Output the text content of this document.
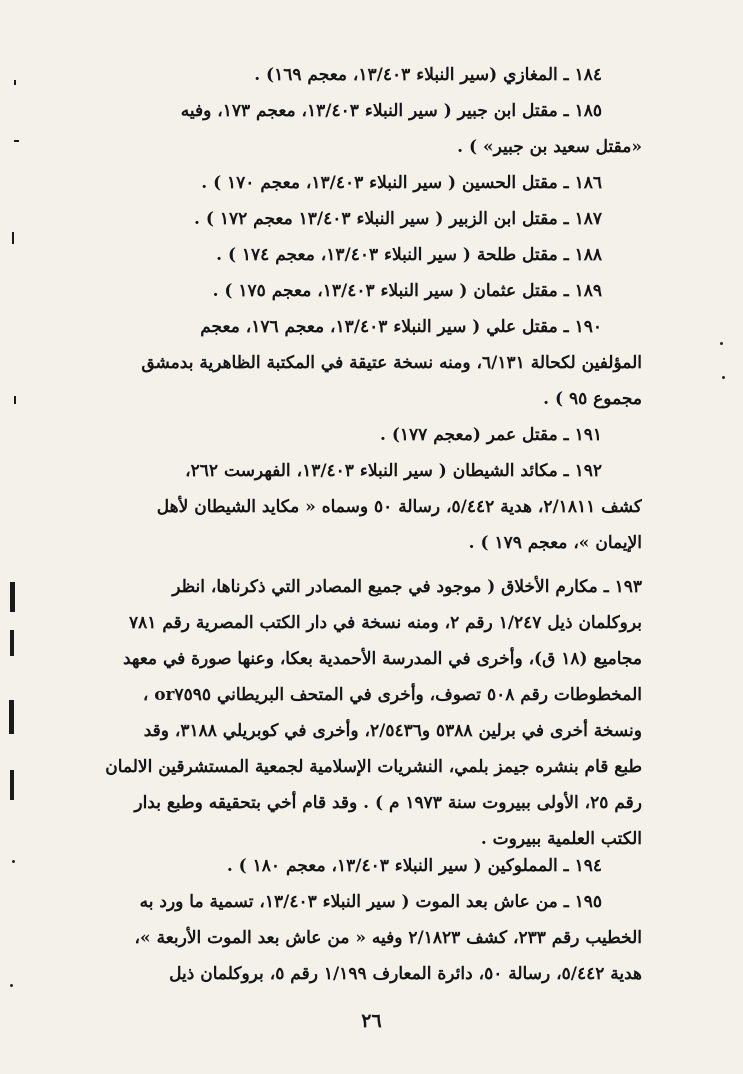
١٨٤ ـ المغازي (سير النبلاء ١٣/٤٠٣، معجم ١٦٩) .
١٨٥ ـ مقتل ابن جبير ( سير النبلاء ١٣/٤٠٣، معجم ١٧٣، وفيه
«مقتل سعيد بن جبير» ) .
١٨٦ ـ مقتل الحسين ( سير النبلاء ١٣/٤٠٣، معجم ١٧٠ ) .
١٨٧ ـ مقتل ابن الزبير ( سير النبلاء ١٣/٤٠٣ معجم ١٧٢ ) .
١٨٨ ـ مقتل طلحة ( سير النبلاء ١٣/٤٠٣، معجم ١٧٤ ) .
١٨٩ ـ مقتل عثمان ( سير النبلاء ١٣/٤٠٣، معجم ١٧٥ ) .
١٩٠ ـ مقتل علي ( سير النبلاء ١٣/٤٠٣، معجم ١٧٦، معجم
المؤلفين لكحالة ٦/١٣١، ومنه نسخة عتيقة في المكتبة الظاهرية بدمشق
مجموع ٩٥ ) .
١٩١ ـ مقتل عمر (معجم ١٧٧) .
١٩٢ ـ مكائد الشيطان ( سير النبلاء ١٣/٤٠٣، الفهرست ٢٦٢،
كشف ٢/١٨١١، هدية ٥/٤٤٢، رسالة ٥٠ وسماه « مكايد الشيطان لأهل
الإيمان »، معجم ١٧٩ ) .
١٩٣ ـ مكارم الأخلاق ( موجود في جميع المصادر التي ذكرناها، انظر
بروكلمان ذيل ١/٢٤٧ رقم ٢، ومنه نسخة في دار الكتب المصرية رقم ٧٨١
مجاميع (١٨ ق)، وأخرى في المدرسة الأحمدية بعكا، وعنها صورة في معهد
المخطوطات رقم ٥٠٨ تصوف، وأخرى في المتحف البريطاني or٧٥٩٥ ،
ونسخة أخرى في برلين ٥٣٨٨ و٢/٥٤٣٦، وأخرى في كوبريلي ٣١٨٨، وقد
طبع قام بنشره جيمز بلمي، النشريات الإسلامية لجمعية المستشرقين الالمان
رقم ٢٥، الأولى ببيروت سنة ١٩٧٣ م ) . وقد قام أخي بتحقيقه وطبع بدار
الكتب العلمية ببيروت .
١٩٤ ـ المملوكين ( سير النبلاء ١٣/٤٠٣، معجم ١٨٠ ) .
١٩٥ ـ من عاش بعد الموت ( سير النبلاء ١٣/٤٠٣، تسمية ما ورد به
الخطيب رقم ٢٣٣، كشف ٢/١٨٢٣ وفيه « من عاش بعد الموت الأربعة »،
هدية ٥/٤٤٢، رسالة ٥٠، دائرة المعارف ١/١٩٩ رقم ٥، بروكلمان ذيل
٢٦
